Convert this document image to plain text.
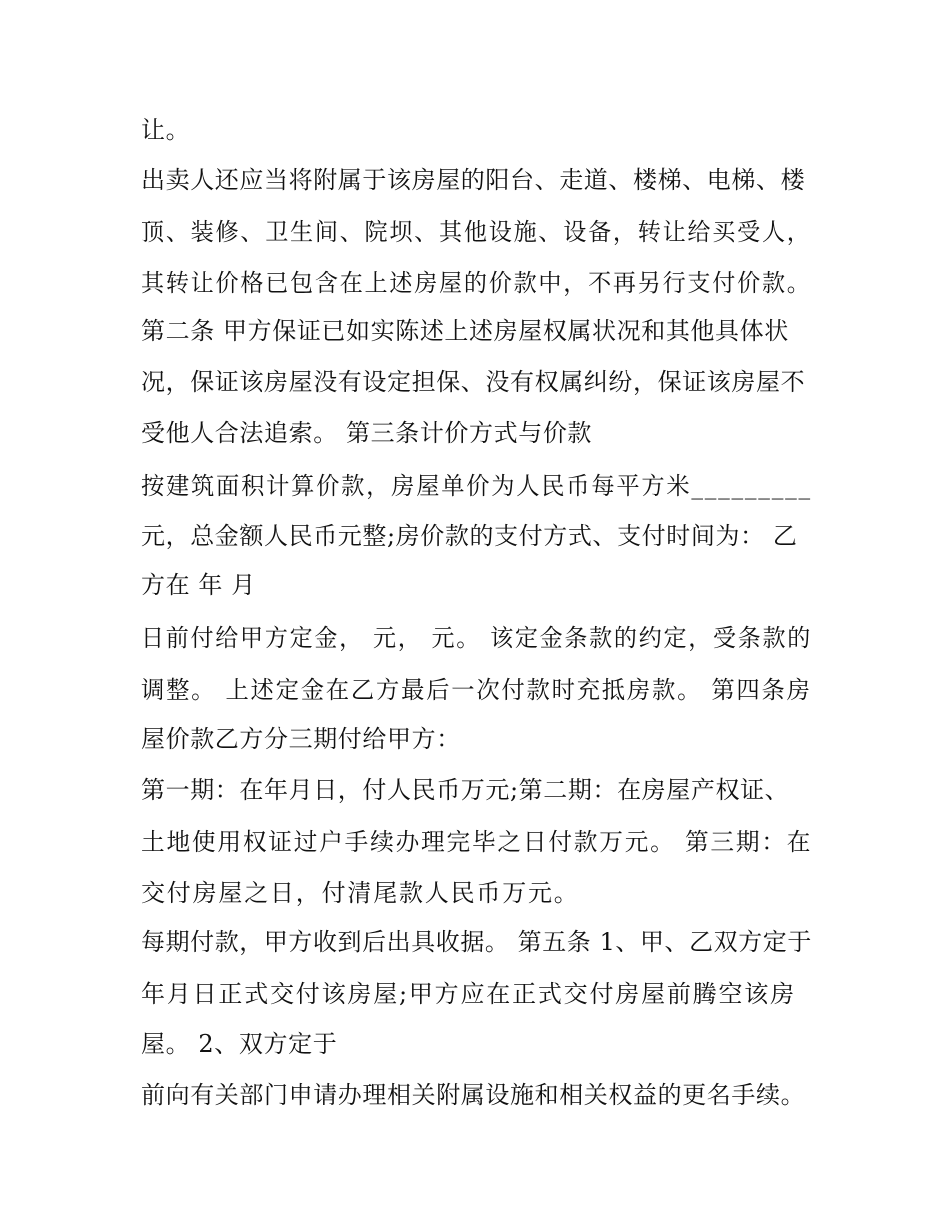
让。
出卖人还应当将附属于该房屋的阳台、走道、楼梯、电梯、楼
顶、装修、卫生间、院坝、其他设施、设备，转让给买受人，
其转让价格已包含在上述房屋的价款中，不再另行支付价款。
第二条 甲方保证已如实陈述上述房屋权属状况和其他具体状
况，保证该房屋没有设定担保、没有权属纠纷，保证该房屋不
受他人合法追索。 第三条计价方式与价款
按建筑面积计算价款，房屋单价为人民币每平方米_________
元，总金额人民币元整;房价款的支付方式、支付时间为： 乙
方在 年 月
日前付给甲方定金， 元， 元。 该定金条款的约定，受条款的
调整。 上述定金在乙方最后一次付款时充抵房款。 第四条房
屋价款乙方分三期付给甲方：
第一期：在年月日，付人民币万元;第二期：在房屋产权证、
土地使用权证过户手续办理完毕之日付款万元。 第三期：在
交付房屋之日，付清尾款人民币万元。
每期付款，甲方收到后出具收据。 第五条 1、甲、乙双方定于
年月日正式交付该房屋;甲方应在正式交付房屋前腾空该房
屋。 2、双方定于
前向有关部门申请办理相关附属设施和相关权益的更名手续。
